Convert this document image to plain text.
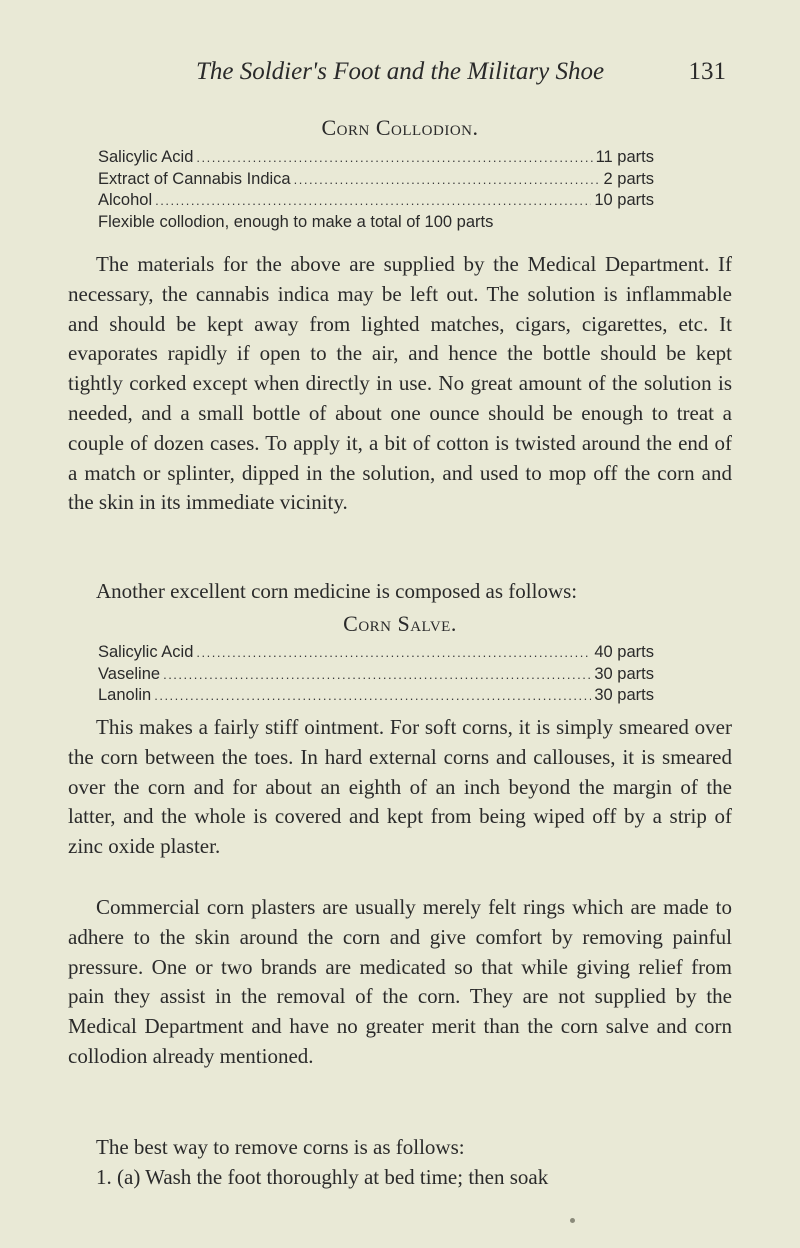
The Soldier's Foot and the Military Shoe	131
Corn Collodion.
Salicylic Acid .....	11 parts
Extract of Cannabis Indica .....	2 parts
Alcohol .....	10 parts
Flexible collodion, enough to make a total of 100 parts

The materials for the above are supplied by the Medical Department. If necessary, the cannabis indica may be left out. The solution is inflammable and should be kept away from lighted matches, cigars, cigarettes, etc. It evaporates rapidly if open to the air, and hence the bottle should be kept tightly corked except when directly in use. No great amount of the solution is needed, and a small bottle of about one ounce should be enough to treat a couple of dozen cases. To apply it, a bit of cotton is twisted around the end of a match or splinter, dipped in the solution, and used to mop off the corn and the skin in its immediate vicinity.

Another excellent corn medicine is composed as follows:

Corn Salve.
Salicylic Acid .....	40 parts
Vaseline .....	30 parts
Lanolin .....	30 parts

This makes a fairly stiff ointment. For soft corns, it is simply smeared over the corn between the toes. In hard external corns and callouses, it is smeared over the corn and for about an eighth of an inch beyond the margin of the latter, and the whole is covered and kept from being wiped off by a strip of zinc oxide plaster.

Commercial corn plasters are usually merely felt rings which are made to adhere to the skin around the corn and give comfort by removing painful pressure. One or two brands are medicated so that while giving relief from pain they assist in the removal of the corn. They are not supplied by the Medical Department and have no greater merit than the corn salve and corn collodion already mentioned.

The best way to remove corns is as follows:

1. (a) Wash the foot thoroughly at bed time; then soak
